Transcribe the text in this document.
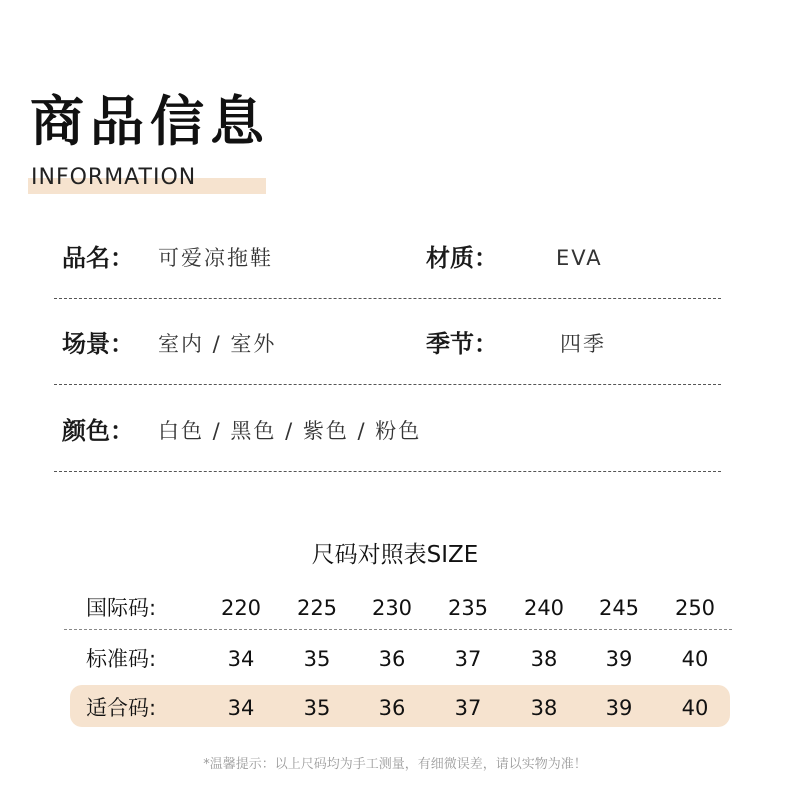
商品信息
INFORMATION
品名： 可爱凉拖鞋	材质：	EVA
场景： 室内 / 室外	季节：	四季
颜色： 白色 / 黑色 / 紫色 / 粉色
尺码对照表SIZE
国际码:	220	225	230	235	240	245	250
标准码:	34	35	36	37	38	39	40
适合码:	34	35	36	37	38	39	40
*温馨提示：以上尺码均为手工测量，有细微误差，请以实物为准！
